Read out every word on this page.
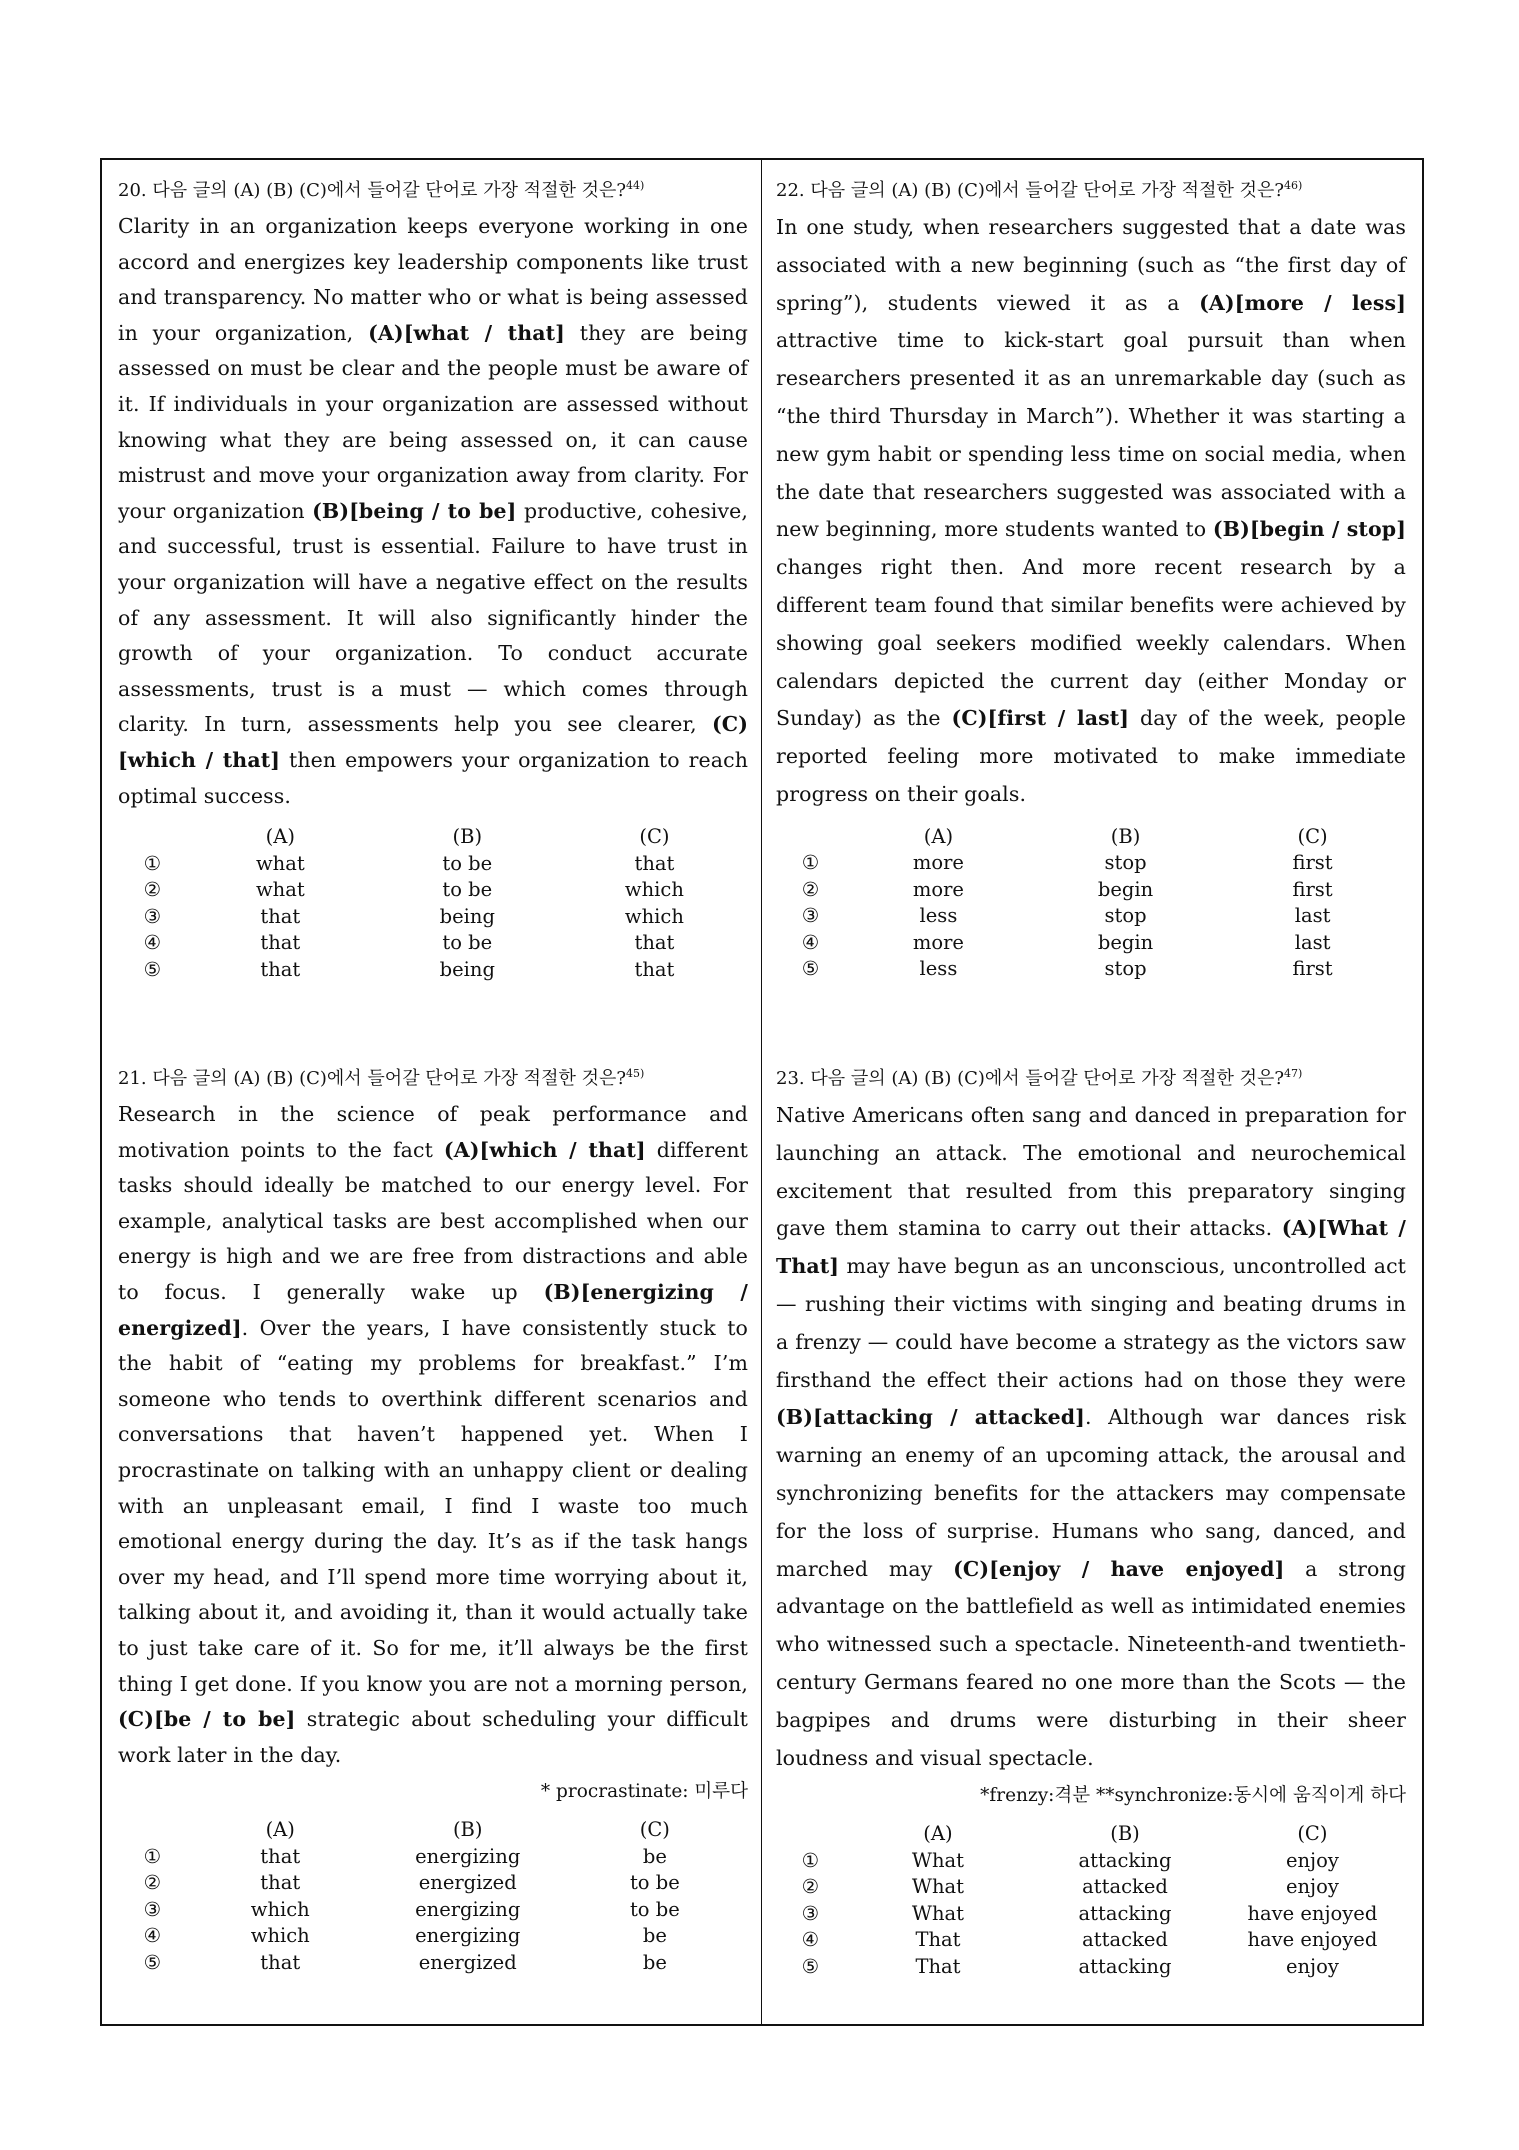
20. 다음 글의 (A) (B) (C)에서 들어갈 단어로 가장 적절한 것은?$^{44)}$
Clarity in an organization keeps everyone working in one accord and energizes key leadership components like trust and transparency. No matter who or what is being assessed in your organization, (A)[what / that] they are being assessed on must be clear and the people must be aware of it. If individuals in your organization are assessed without knowing what they are being assessed on, it can cause mistrust and move your organization away from clarity. For your organization (B)[being / to be] productive, cohesive, and successful, trust is essential. Failure to have trust in your organization will have a negative effect on the results of any assessment. It will also significantly hinder the growth of your organization. To conduct accurate assessments, trust is a must — which comes through clarity. In turn, assessments help you see clearer, (C)[which / that] then empowers your organization to reach optimal success.
	(A)	(B)	(C)
①	what	to be	that
②	what	to be	which
③	that	being	which
④	that	to be	that
⑤	that	being	that
22. 다음 글의 (A) (B) (C)에서 들어갈 단어로 가장 적절한 것은?$^{46)}$
In one study, when researchers suggested that a date was associated with a new beginning (such as “the first day of spring”), students viewed it as a (A)[more / less] attractive time to kick-start goal pursuit than when researchers presented it as an unremarkable day (such as “the third Thursday in March”). Whether it was starting a new gym habit or spending less time on social media, when the date that researchers suggested was associated with a new beginning, more students wanted to (B)[begin / stop] changes right then. And more recent research by a different team found that similar benefits were achieved by showing goal seekers modified weekly calendars. When calendars depicted the current day (either Monday or Sunday) as the (C)[first / last] day of the week, people reported feeling more motivated to make immediate progress on their goals.
	(A)	(B)	(C)
①	more	stop	first
②	more	begin	first
③	less	stop	last
④	more	begin	last
⑤	less	stop	first
21. 다음 글의 (A) (B) (C)에서 들어갈 단어로 가장 적절한 것은?$^{45)}$
Research in the science of peak performance and motivation points to the fact (A)[which / that] different tasks should ideally be matched to our energy level. For example, analytical tasks are best accomplished when our energy is high and we are free from distractions and able to focus. I generally wake up (B)[energizing / energized]. Over the years, I have consistently stuck to the habit of “eating my problems for breakfast.” I’m someone who tends to overthink different scenarios and conversations that haven’t happened yet. When I procrastinate on talking with an unhappy client or dealing with an unpleasant email, I find I waste too much emotional energy during the day. It’s as if the task hangs over my head, and I’ll spend more time worrying about it, talking about it, and avoiding it, than it would actually take to just take care of it. So for me, it’ll always be the first thing I get done. If you know you are not a morning person, (C)[be / to be] strategic about scheduling your difficult work later in the day.
* procrastinate: 미루다
	(A)	(B)	(C)
①	that	energizing	be
②	that	energized	to be
③	which	energizing	to be
④	which	energizing	be
⑤	that	energized	be
23. 다음 글의 (A) (B) (C)에서 들어갈 단어로 가장 적절한 것은?$^{47)}$
Native Americans often sang and danced in preparation for launching an attack. The emotional and neurochemical excitement that resulted from this preparatory singing gave them stamina to carry out their attacks. (A)[What / That] may have begun as an unconscious, uncontrolled act — rushing their victims with singing and beating drums in a frenzy — could have become a strategy as the victors saw firsthand the effect their actions had on those they were (B)[attacking / attacked]. Although war dances risk warning an enemy of an upcoming attack, the arousal and synchronizing benefits for the attackers may compensate for the loss of surprise. Humans who sang, danced, and marched may (C)[enjoy / have enjoyed] a strong advantage on the battlefield as well as intimidated enemies who witnessed such a spectacle. Nineteenth-and twentieth-century Germans feared no one more than the Scots — the bagpipes and drums were disturbing in their sheer loudness and visual spectacle.
*frenzy:격분 **synchronize:동시에 움직이게 하다
	(A)	(B)	(C)
①	What	attacking	enjoy
②	What	attacked	enjoy
③	What	attacking	have enjoyed
④	That	attacked	have enjoyed
⑤	That	attacking	enjoy
